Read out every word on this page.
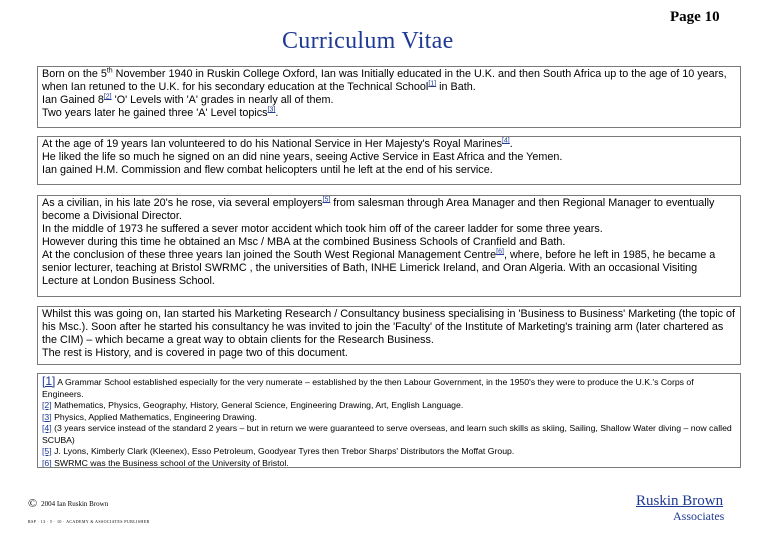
Page 10
Curriculum Vitae

Born on the 5th November 1940 in Ruskin College Oxford, Ian was Initially educated in the U.K. and then South Africa up to the age of 10 years, when Ian retuned to the U.K. for his secondary education at the Technical School[1] in Bath.

Ian Gained 8[2] 'O' Levels with 'A' grades in nearly all of them.

Two years later he gained three 'A' Level topics[3].

At the age of 19 years Ian volunteered to do his National Service in Her Majesty's Royal Marines[4].

He liked the life so much he signed on an did nine years, seeing Active Service in East Africa and the Yemen.

Ian gained H.M. Commission and flew combat helicopters until he left at the end of his service.

As a civilian, in his late 20's he rose, via several employers[5] from salesman through Area Manager and then Regional Manager to eventually become a Divisional Director.

In the middle of 1973 he suffered a sever motor accident which took him off of the career ladder for some three years.

However during this time he obtained an Msc / MBA at the combined Business Schools of Cranfield and Bath.

At the conclusion of these three years Ian joined the South West Regional Management Centre[6], where, before he left in 1985, he became a senior lecturer, teaching at Bristol SWRMC , the universities of Bath, INHE Limerick Ireland, and Oran Algeria. With an occasional Visiting Lecture at London Business School.

Whilst this was going on, Ian started his Marketing Research / Consultancy business specialising in 'Business to Business' Marketing (the topic of his Msc.). Soon after he started his consultancy he was invited to join the 'Faculty' of the Institute of Marketing's training arm (later chartered as the CIM) – which became a great way to obtain clients for the Research Business.

The rest is History, and is covered in page two of this document.

[1] A Grammar School established especially for the very numerate – established by the then Labour Government, in the 1950's they were to produce the U.K.'s Corps of Engineers.

[2] Mathematics, Physics, Geography, History, General Science, Engineering Drawing, Art, English Language.

[3] Physics, Applied Mathematics, Engineering Drawing.

[4] (3 years service instead of the standard 2 years – but in return we were guaranteed to serve overseas, and learn such skills as skiing, Sailing, Shallow Water diving – now called SCUBA)

[5] J. Lyons, Kimberly Clark (Kleenex), Esso Petroleum, Goodyear Tyres then Trebor Sharps' Distributors the Moffat Group.

[6] SWRMC was the Business school of the University of Bristol.

© 2004 Ian Ruskin Brown
RSP · 13 · 5 · 10 · ACADEMY & ASSOCIATES PUBLISHER
Ruskin Brown
Associates
